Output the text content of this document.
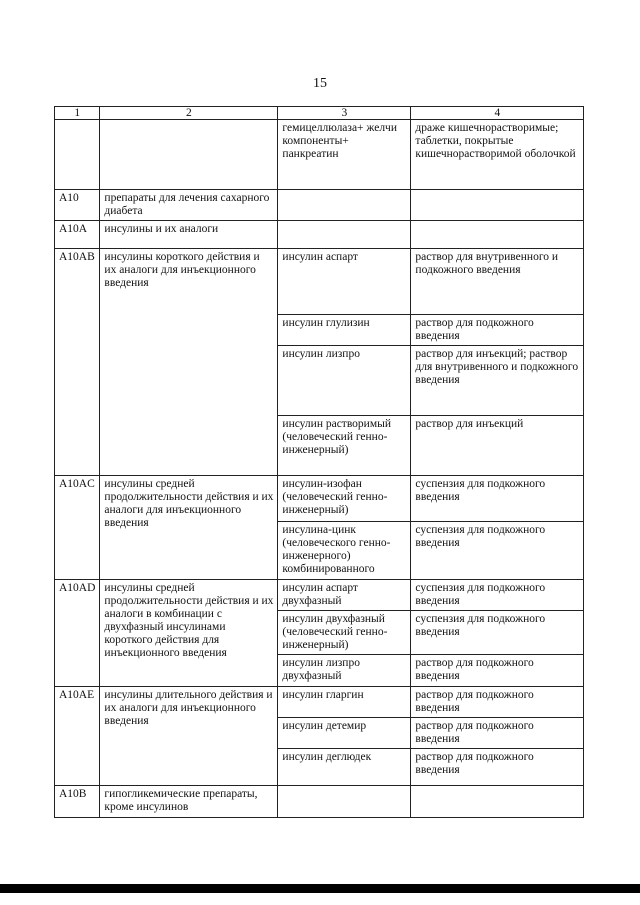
15
1	2	3	4
		гемицеллюлаза+ желчи компоненты+ панкреатин	драже кишечнорастворимые; таблетки, покрытые кишечнорастворимой оболочкой
A10	препараты для лечения сахарного диабета		
A10A	инсулины и их аналоги		
A10AB	инсулины короткого действия и их аналоги для инъекционного введения	инсулин аспарт	раствор для внутривенного и подкожного введения
		инсулин глулизин	раствор для подкожного введения
		инсулин лизпро	раствор для инъекций; раствор для внутривенного и подкожного введения
		инсулин растворимый (человеческий генно-инженерный)	раствор для инъекций
A10AC	инсулины средней продолжительности действия и их аналоги для инъекционного введения	инсулин-изофан (человеческий генно-инженерный)	суспензия для подкожного введения
		инсулина-цинк (человеческого генно-инженерного) комбинированного	суспензия для подкожного введения
A10AD	инсулины средней продолжительности действия и их аналоги в комбинации с двухфазный инсулинами короткого действия для инъекционного введения	инсулин аспарт двухфазный	суспензия для подкожного введения
		инсулин двухфазный (человеческий генно-инженерный)	суспензия для подкожного введения
		инсулин лизпро двухфазный	раствор для подкожного введения
A10AE	инсулины длительного действия и их аналоги для инъекционного введения	инсулин гларгин	раствор для подкожного введения
		инсулин детемир	раствор для подкожного введения
		инсулин деглюдек	раствор для подкожного введения
A10B	гипогликемические препараты, кроме инсулинов		
